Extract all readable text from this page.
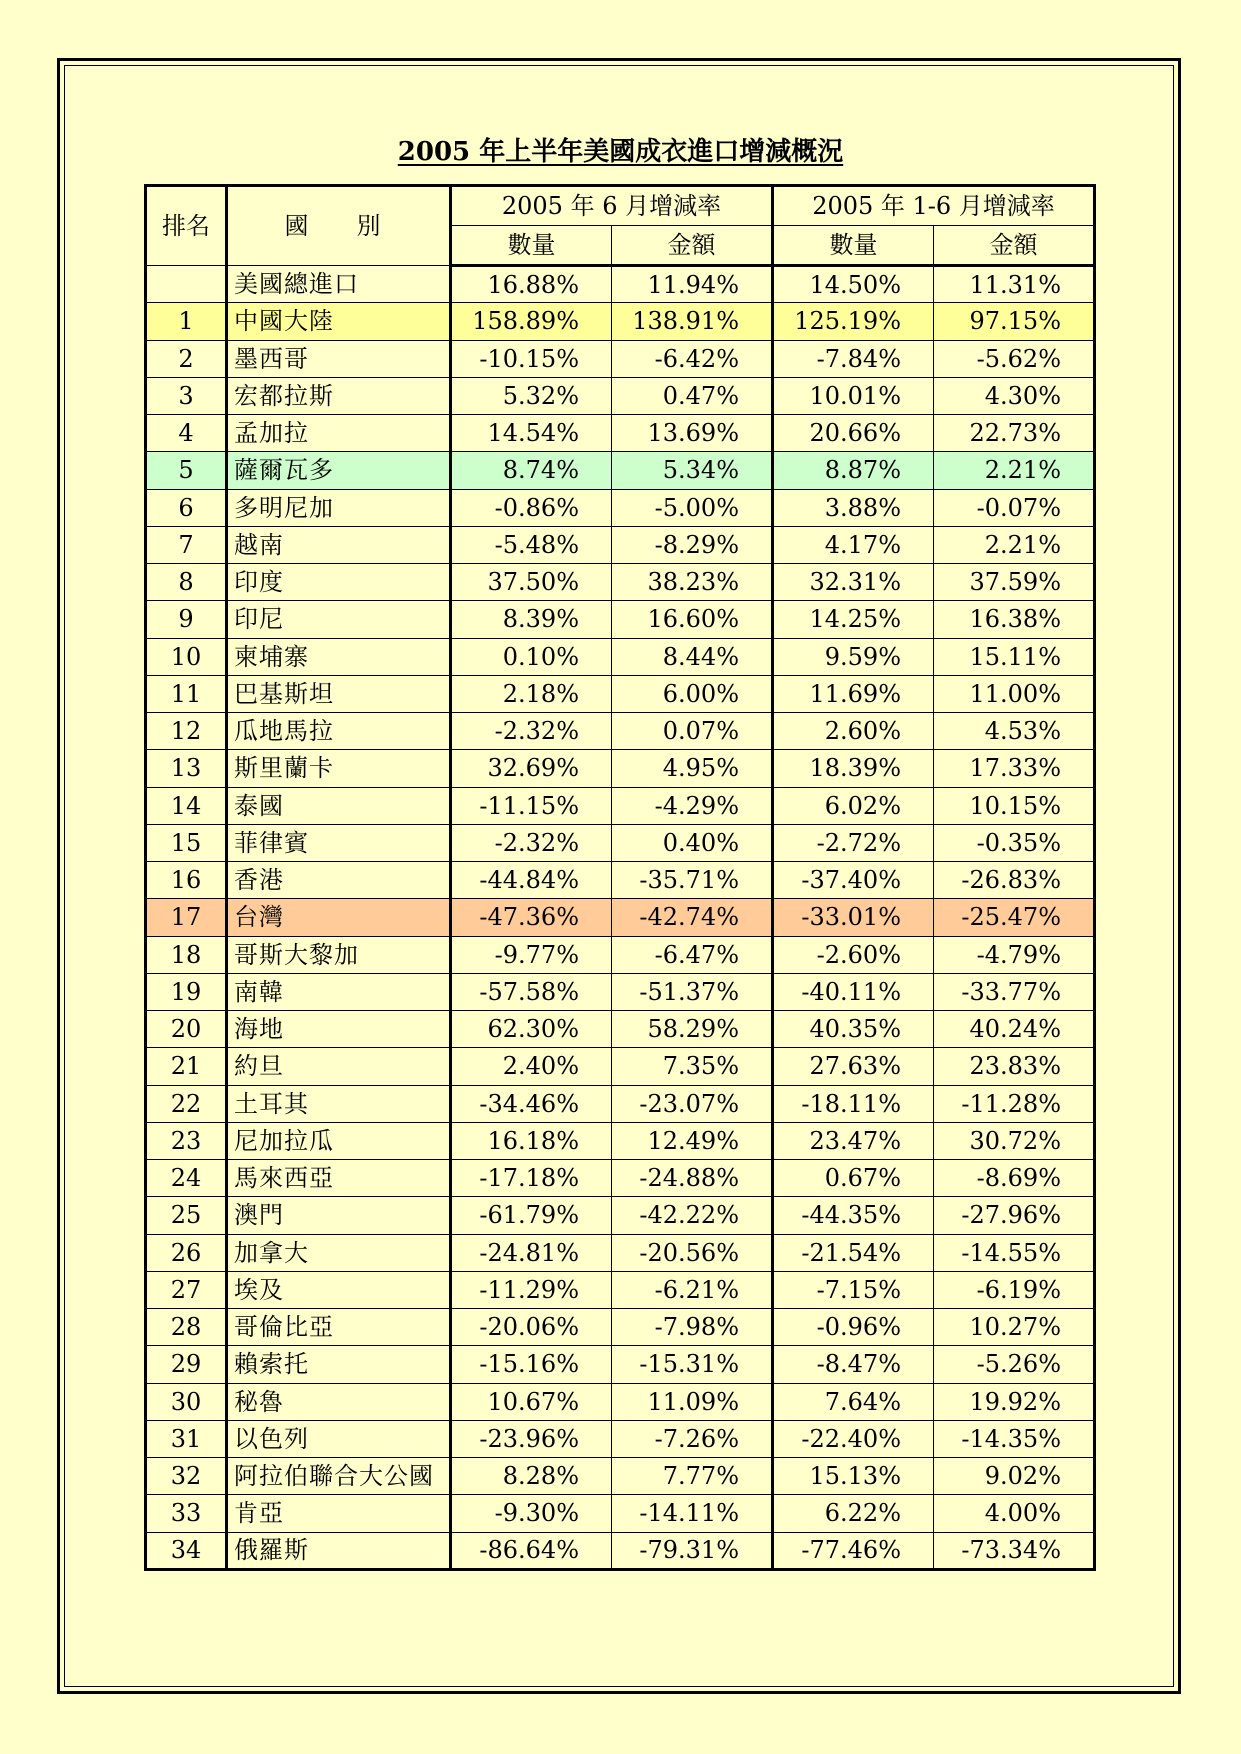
2005 年上半年美國成衣進口增減概況
排名	國　別	2005 年 6 月增減率		2005 年 1-6 月增減率	
		數量	金額	數量	金額
	美國總進口	16.88%	11.94%	14.50%	11.31%
1	中國大陸	158.89%	138.91%	125.19%	97.15%
2	墨西哥	-10.15%	-6.42%	-7.84%	-5.62%
3	宏都拉斯	5.32%	0.47%	10.01%	4.30%
4	孟加拉	14.54%	13.69%	20.66%	22.73%
5	薩爾瓦多	8.74%	5.34%	8.87%	2.21%
6	多明尼加	-0.86%	-5.00%	3.88%	-0.07%
7	越南	-5.48%	-8.29%	4.17%	2.21%
8	印度	37.50%	38.23%	32.31%	37.59%
9	印尼	8.39%	16.60%	14.25%	16.38%
10	柬埔寨	0.10%	8.44%	9.59%	15.11%
11	巴基斯坦	2.18%	6.00%	11.69%	11.00%
12	瓜地馬拉	-2.32%	0.07%	2.60%	4.53%
13	斯里蘭卡	32.69%	4.95%	18.39%	17.33%
14	泰國	-11.15%	-4.29%	6.02%	10.15%
15	菲律賓	-2.32%	0.40%	-2.72%	-0.35%
16	香港	-44.84%	-35.71%	-37.40%	-26.83%
17	台灣	-47.36%	-42.74%	-33.01%	-25.47%
18	哥斯大黎加	-9.77%	-6.47%	-2.60%	-4.79%
19	南韓	-57.58%	-51.37%	-40.11%	-33.77%
20	海地	62.30%	58.29%	40.35%	40.24%
21	約旦	2.40%	7.35%	27.63%	23.83%
22	土耳其	-34.46%	-23.07%	-18.11%	-11.28%
23	尼加拉瓜	16.18%	12.49%	23.47%	30.72%
24	馬來西亞	-17.18%	-24.88%	0.67%	-8.69%
25	澳門	-61.79%	-42.22%	-44.35%	-27.96%
26	加拿大	-24.81%	-20.56%	-21.54%	-14.55%
27	埃及	-11.29%	-6.21%	-7.15%	-6.19%
28	哥倫比亞	-20.06%	-7.98%	-0.96%	10.27%
29	賴索托	-15.16%	-15.31%	-8.47%	-5.26%
30	秘魯	10.67%	11.09%	7.64%	19.92%
31	以色列	-23.96%	-7.26%	-22.40%	-14.35%
32	阿拉伯聯合大公國	8.28%	7.77%	15.13%	9.02%
33	肯亞	-9.30%	-14.11%	6.22%	4.00%
34	俄羅斯	-86.64%	-79.31%	-77.46%	-73.34%
